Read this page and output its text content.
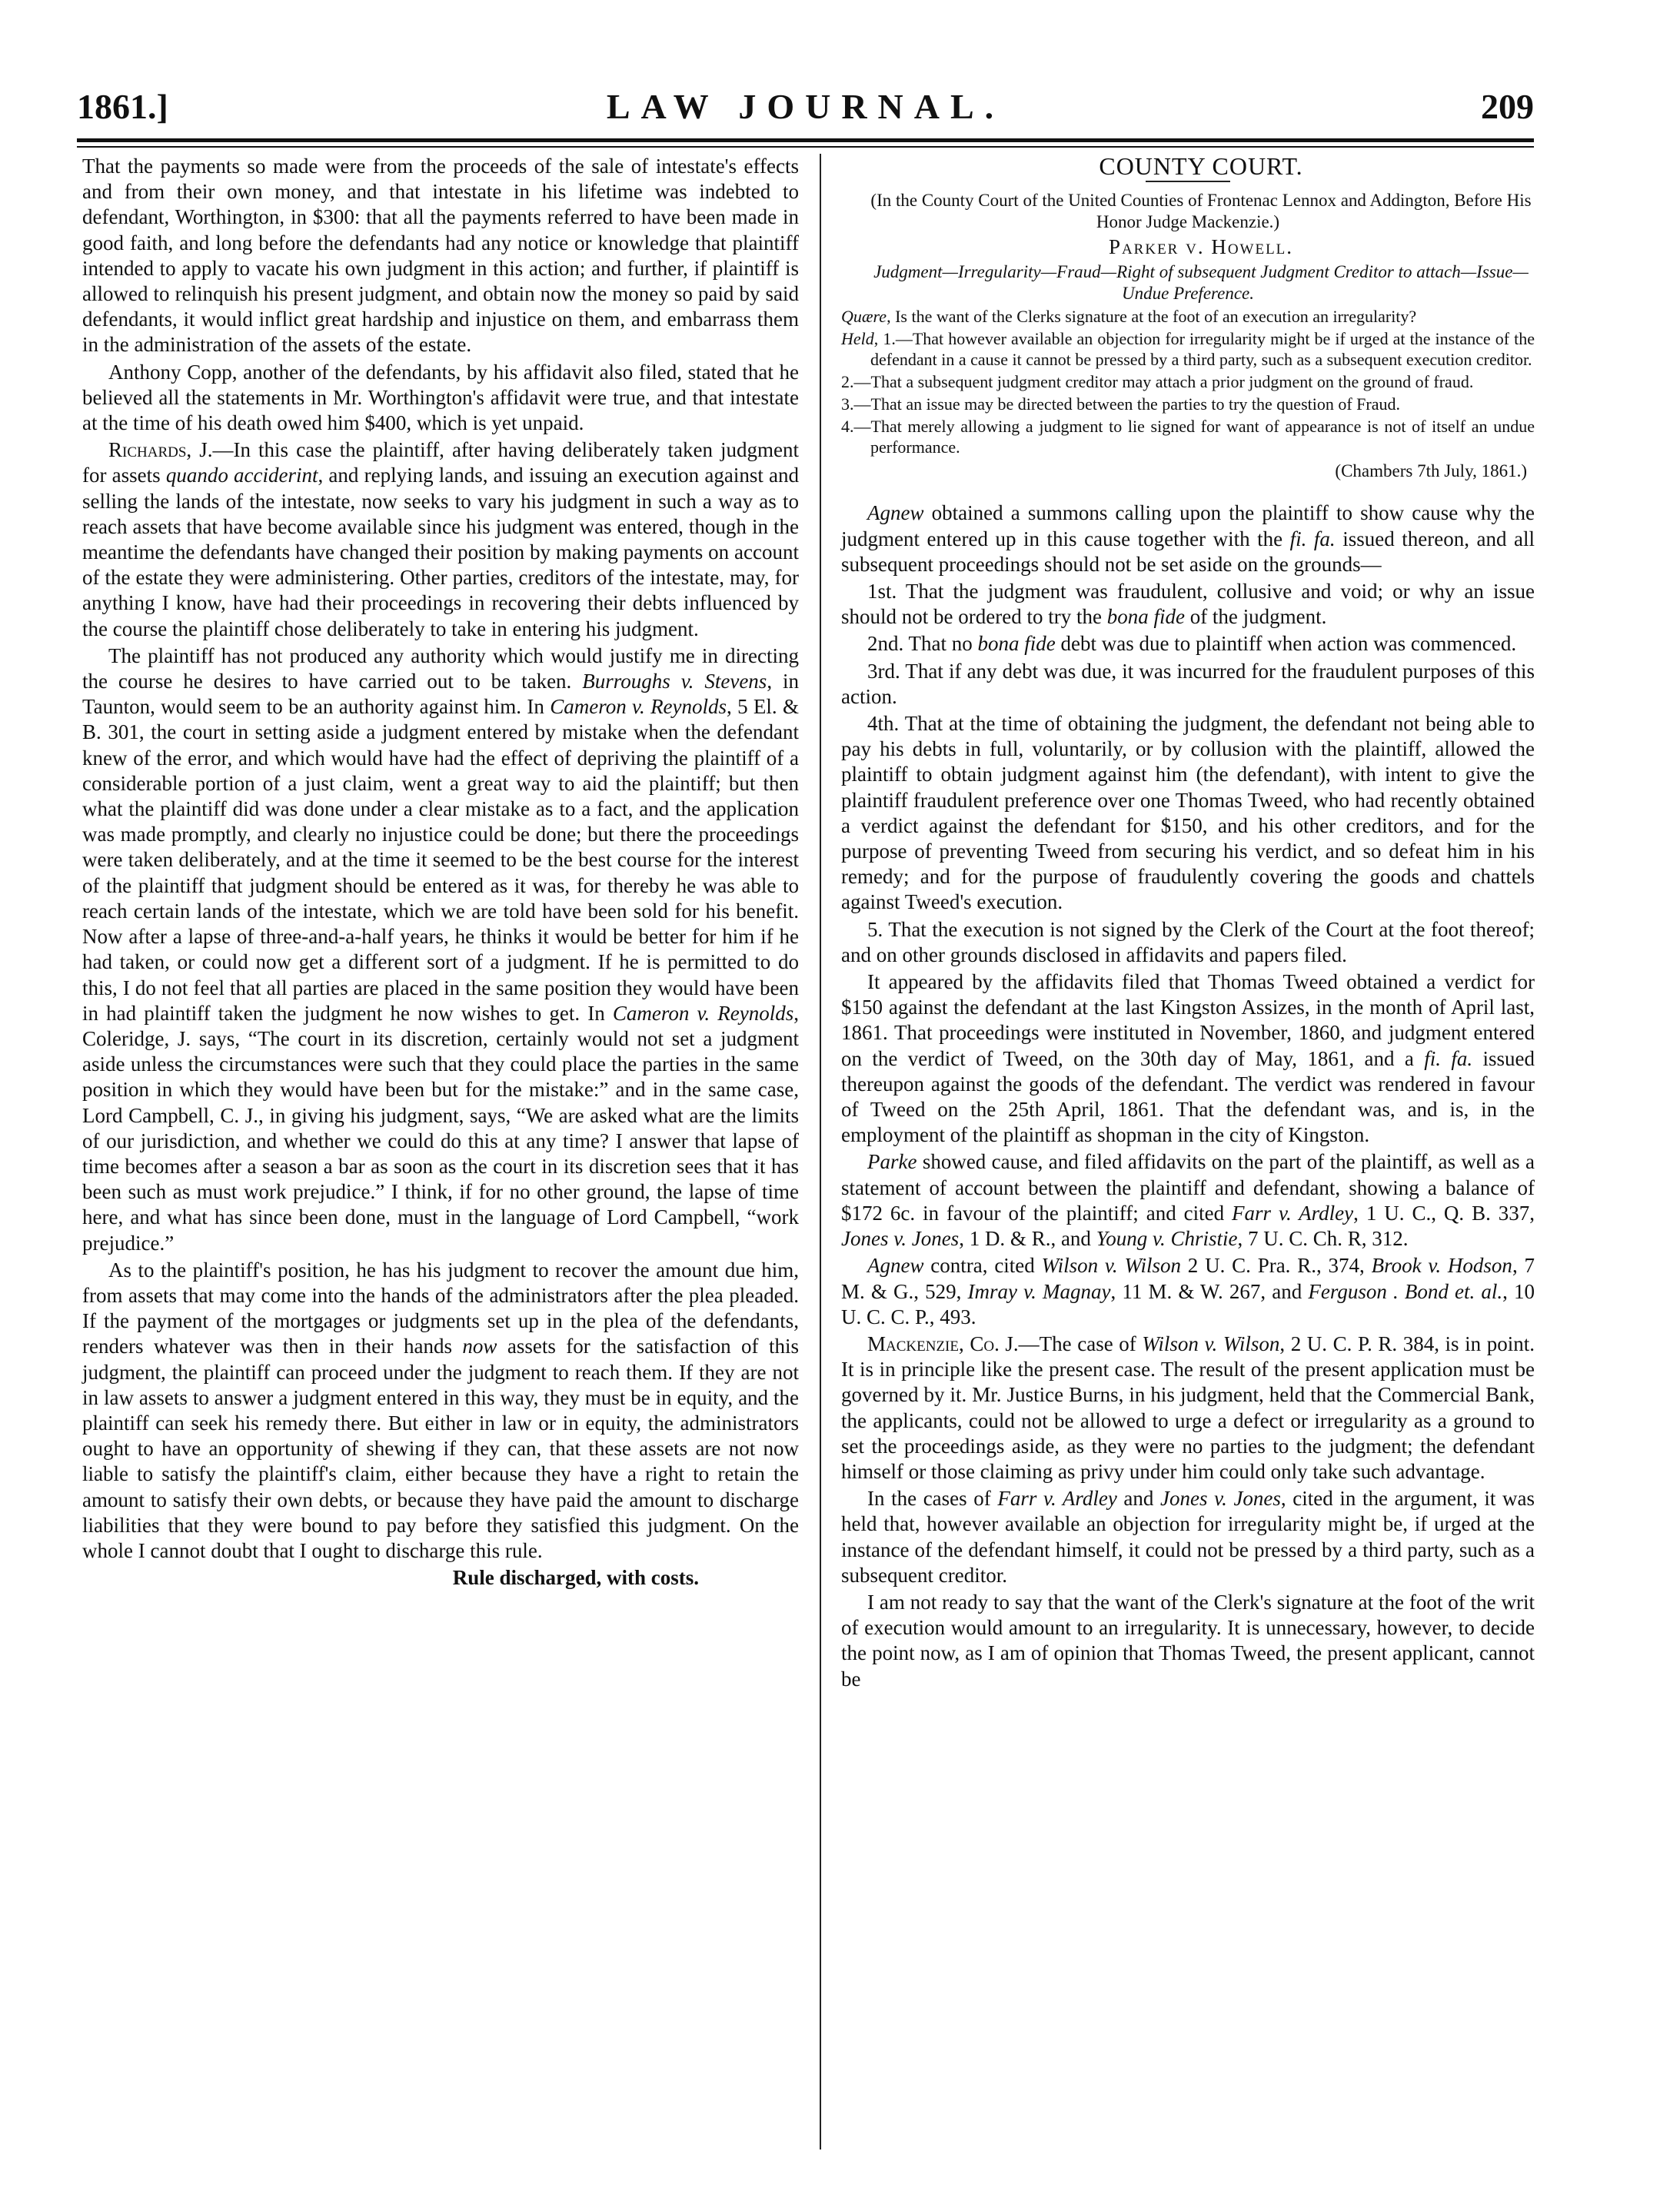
1861.]	LAW JOURNAL.	209

That the payments so made were from the proceeds of the sale of intestate's effects and from their own money, and that intestate in his lifetime was indebted to defendant, Worthington, in $300: that all the payments referred to have been made in good faith, and long before the defendants had any notice or knowledge that plaintiff intended to apply to vacate his own judgment in this action; and further, if plaintiff is allowed to relinquish his present judgment, and obtain now the money so paid by said defendants, it would inflict great hardship and injustice on them, and embarrass them in the administration of the assets of the estate.

Anthony Copp, another of the defendants, by his affidavit also filed, stated that he believed all the statements in Mr. Worthington's affidavit were true, and that intestate at the time of his death owed him $400, which is yet unpaid.

Richards, J.—In this case the plaintiff, after having deliberately taken judgment for assets quando acciderint, and replying lands, and issuing an execution against and selling the lands of the intestate, now seeks to vary his judgment in such a way as to reach assets that have become available since his judgment was entered, though in the meantime the defendants have changed their position by making payments on account of the estate they were administering. Other parties, creditors of the intestate, may, for anything I know, have had their proceedings in recovering their debts influenced by the course the plaintiff chose deliberately to take in entering his judgment.

The plaintiff has not produced any authority which would justify me in directing the course he desires to have carried out to be taken. Burroughs v. Stevens, in Taunton, would seem to be an authority against him. In Cameron v. Reynolds, 5 El. & B. 301, the court in setting aside a judgment entered by mistake when the defendant knew of the error, and which would have had the effect of depriving the plaintiff of a considerable portion of a just claim, went a great way to aid the plaintiff; but then what the plaintiff did was done under a clear mistake as to a fact, and the application was made promptly, and clearly no injustice could be done; but there the proceedings were taken deliberately, and at the time it seemed to be the best course for the interest of the plaintiff that judgment should be entered as it was, for thereby he was able to reach certain lands of the intestate, which we are told have been sold for his benefit. Now after a lapse of three-and-a-half years, he thinks it would be better for him if he had taken, or could now get a different sort of a judgment. If he is permitted to do this, I do not feel that all parties are placed in the same position they would have been in had plaintiff taken the judgment he now wishes to get. In Cameron v. Reynolds, Coleridge, J. says, “The court in its discretion, certainly would not set a judgment aside unless the circumstances were such that they could place the parties in the same position in which they would have been but for the mistake:” and in the same case, Lord Campbell, C. J., in giving his judgment, says, “We are asked what are the limits of our jurisdiction, and whether we could do this at any time? I answer that lapse of time becomes after a season a bar as soon as the court in its discretion sees that it has been such as must work prejudice.” I think, if for no other ground, the lapse of time here, and what has since been done, must in the language of Lord Campbell, “work prejudice.”

As to the plaintiff's position, he has his judgment to recover the amount due him, from assets that may come into the hands of the administrators after the plea pleaded. If the payment of the mortgages or judgments set up in the plea of the defendants, renders whatever was then in their hands now assets for the satisfaction of this judgment, the plaintiff can proceed under the judgment to reach them. If they are not in law assets to answer a judgment entered in this way, they must be in equity, and the plaintiff can seek his remedy there. But either in law or in equity, the administrators ought to have an opportunity of shewing if they can, that these assets are not now liable to satisfy the plaintiff's claim, either because they have a right to retain the amount to satisfy their own debts, or because they have paid the amount to discharge liabilities that they were bound to pay before they satisfied this judgment. On the whole I cannot doubt that I ought to discharge this rule.

Rule discharged, with costs.

COUNTY COURT.

(In the County Court of the United Counties of Frontenac Lennox and Addington, Before His Honor Judge Mackenzie.)

Parker v. Howell.

Judgment—Irregularity—Fraud—Right of subsequent Judgment Creditor to attach—Issue—Undue Preference.

Quære, Is the want of the Clerks signature at the foot of an execution an irregularity?

Held, 1.—That however available an objection for irregularity might be if urged at the instance of the defendant in a cause it cannot be pressed by a third party, such as a subsequent execution creditor.

2.—That a subsequent judgment creditor may attach a prior judgment on the ground of fraud.

3.—That an issue may be directed between the parties to try the question of Fraud.

4.—That merely allowing a judgment to lie signed for want of appearance is not of itself an undue performance.

(Chambers 7th July, 1861.)

Agnew obtained a summons calling upon the plaintiff to show cause why the judgment entered up in this cause together with the fi. fa. issued thereon, and all subsequent proceedings should not be set aside on the grounds—

1st. That the judgment was fraudulent, collusive and void; or why an issue should not be ordered to try the bona fide of the judgment.

2nd. That no bona fide debt was due to plaintiff when action was commenced.

3rd. That if any debt was due, it was incurred for the fraudulent purposes of this action.

4th. That at the time of obtaining the judgment, the defendant not being able to pay his debts in full, voluntarily, or by collusion with the plaintiff, allowed the plaintiff to obtain judgment against him (the defendant), with intent to give the plaintiff fraudulent preference over one Thomas Tweed, who had recently obtained a verdict against the defendant for $150, and his other creditors, and for the purpose of preventing Tweed from securing his verdict, and so defeat him in his remedy; and for the purpose of fraudulently covering the goods and chattels against Tweed's execution.

5. That the execution is not signed by the Clerk of the Court at the foot thereof; and on other grounds disclosed in affidavits and papers filed.

It appeared by the affidavits filed that Thomas Tweed obtained a verdict for $150 against the defendant at the last Kingston Assizes, in the month of April last, 1861. That proceedings were instituted in November, 1860, and judgment entered on the verdict of Tweed, on the 30th day of May, 1861, and a fi. fa. issued thereupon against the goods of the defendant. The verdict was rendered in favour of Tweed on the 25th April, 1861. That the defendant was, and is, in the employment of the plaintiff as shopman in the city of Kingston.

Parke showed cause, and filed affidavits on the part of the plaintiff, as well as a statement of account between the plaintiff and defendant, showing a balance of $172 6c. in favour of the plaintiff; and cited Farr v. Ardley, 1 U. C., Q. B. 337, Jones v. Jones, 1 D. & R., and Young v. Christie, 7 U. C. Ch. R, 312.

Agnew contra, cited Wilson v. Wilson 2 U. C. Pra. R., 374, Brook v. Hodson, 7 M. & G., 529, Imray v. Magnay, 11 M. & W. 267, and Ferguson . Bond et. al., 10 U. C. C. P., 493.

Mackenzie, Co. J.—The case of Wilson v. Wilson, 2 U. C. P. R. 384, is in point. It is in principle like the present case. The result of the present application must be governed by it. Mr. Justice Burns, in his judgment, held that the Commercial Bank, the applicants, could not be allowed to urge a defect or irregularity as a ground to set the proceedings aside, as they were no parties to the judgment; the defendant himself or those claiming as privy under him could only take such advantage.

In the cases of Farr v. Ardley and Jones v. Jones, cited in the argument, it was held that, however available an objection for irregularity might be, if urged at the instance of the defendant himself, it could not be pressed by a third party, such as a subsequent creditor.

I am not ready to say that the want of the Clerk's signature at the foot of the writ of execution would amount to an irregularity. It is unnecessary, however, to decide the point now, as I am of opinion that Thomas Tweed, the present applicant, cannot be
